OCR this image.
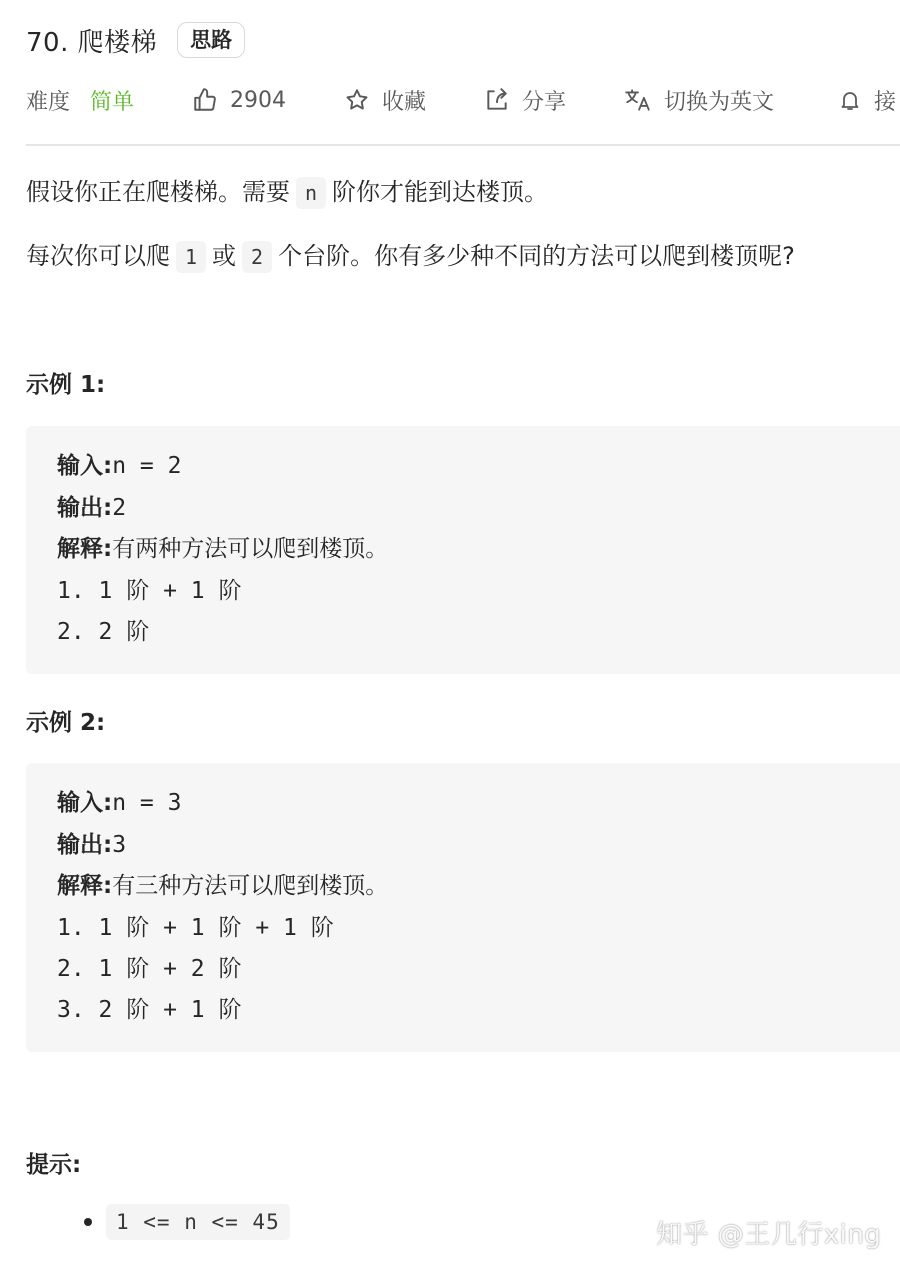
70. 爬楼梯	思路
难度 简单	2904	收藏	分享	切换为英文	接
假设你正在爬楼梯。需要 n 阶你才能到达楼顶。
每次你可以爬 1 或 2 个台阶。你有多少种不同的方法可以爬到楼顶呢?
示例 1:
输入:n = 2
输出:2
解释:有两种方法可以爬到楼顶。
1. 1 阶 + 1 阶
2. 2 阶
示例 2:
输入:n = 3
输出:3
解释:有三种方法可以爬到楼顶。
1. 1 阶 + 1 阶 + 1 阶
2. 1 阶 + 2 阶
3. 2 阶 + 1 阶
提示:
1 <= n <= 45	知乎 @王几行xing
